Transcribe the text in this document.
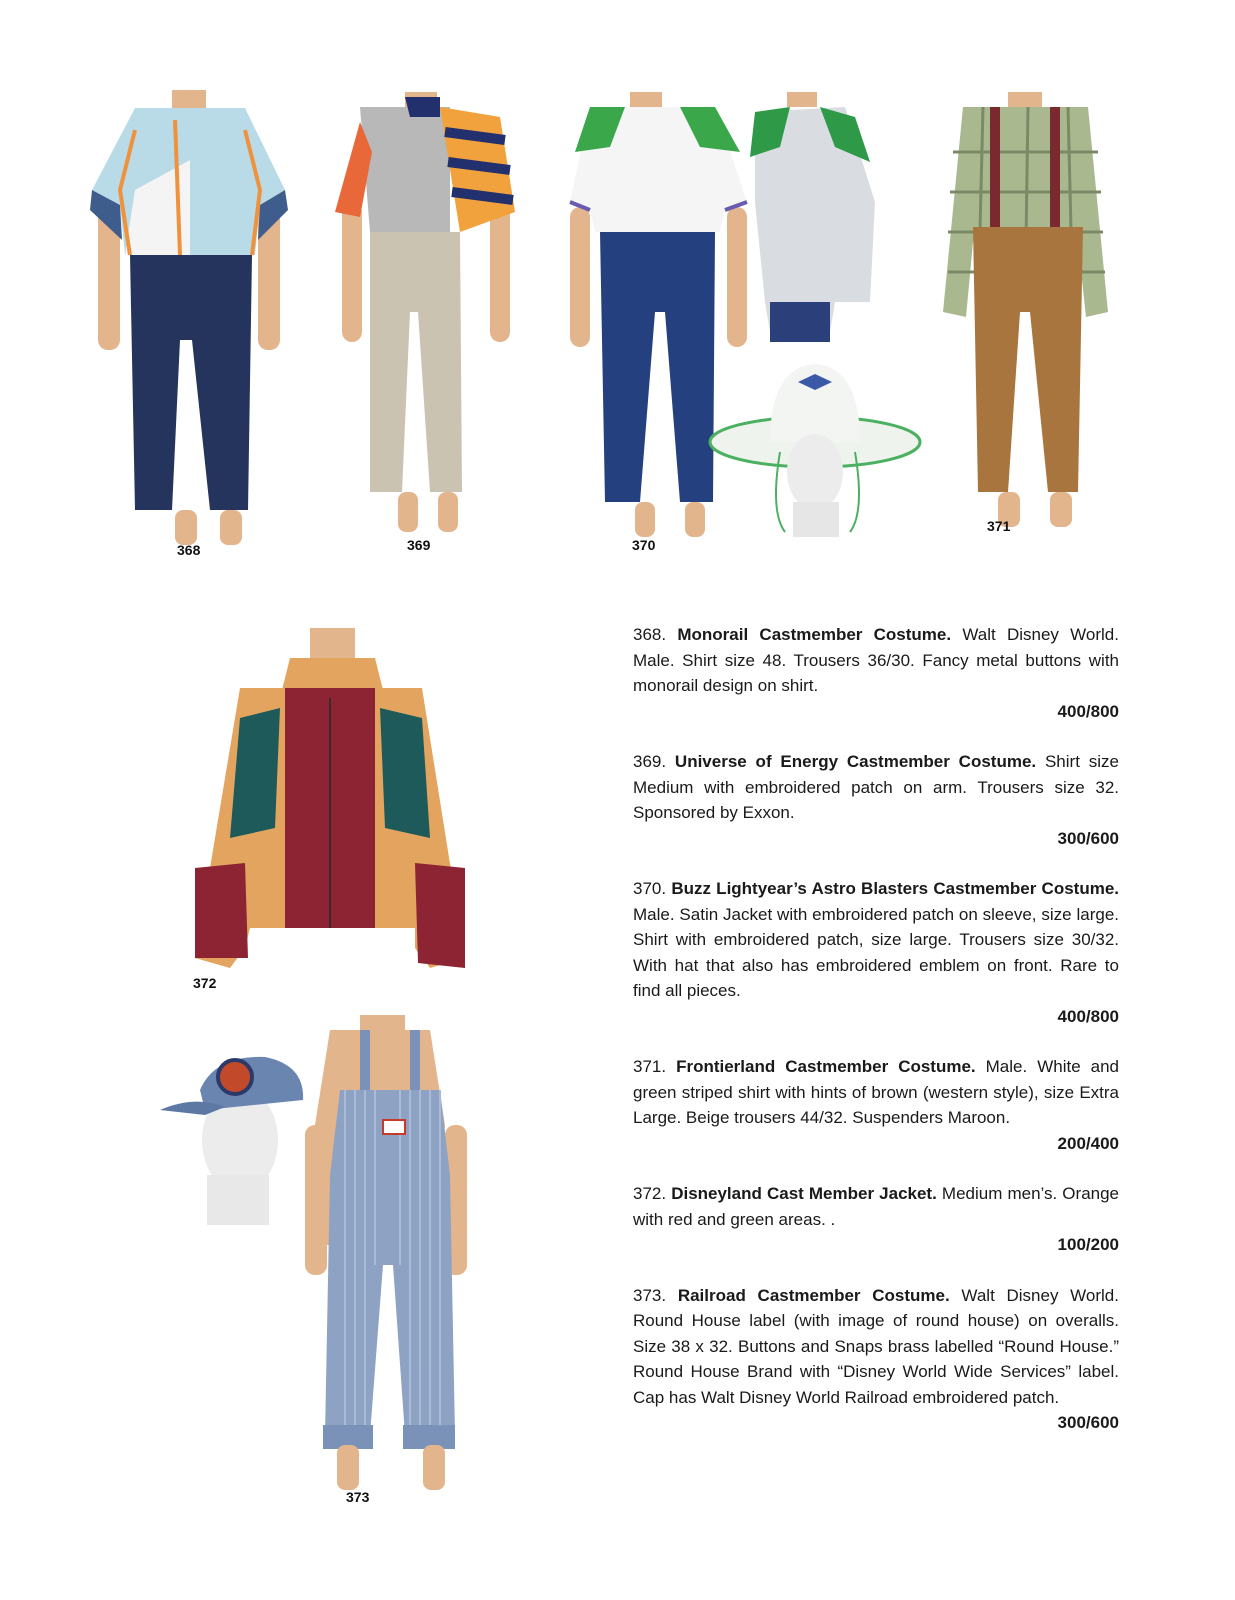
368	369	370
371
372
373

368. Monorail Castmember Costume. Walt Disney World. Male. Shirt size 48. Trousers 36/30. Fancy metal buttons with monorail design on shirt.

400/800

369. Universe of Energy Castmember Costume. Shirt size Medium with embroidered patch on arm. Trousers size 32. Sponsored by Exxon.

300/600

370. Buzz Lightyear’s Astro Blasters Castmember Costume. Male. Satin Jacket with embroidered patch on sleeve, size large. Shirt with embroidered patch, size large. Trousers size 30/32. With hat that also has embroidered emblem on front. Rare to find all pieces.

400/800

371. Frontierland Castmember Costume. Male. White and green striped shirt with hints of brown (western style), size Extra Large. Beige trousers 44/32. Suspenders Maroon.

200/400

372. Disneyland Cast Member Jacket. Medium men’s. Orange with red and green areas. .

100/200

373. Railroad Castmember Costume. Walt Disney World. Round House label (with image of round house) on overalls. Size 38 x 32. Buttons and Snaps brass labelled “Round House.” Round House Brand with “Disney World Wide Services” label. Cap has Walt Disney World Railroad embroidered patch.

300/600
